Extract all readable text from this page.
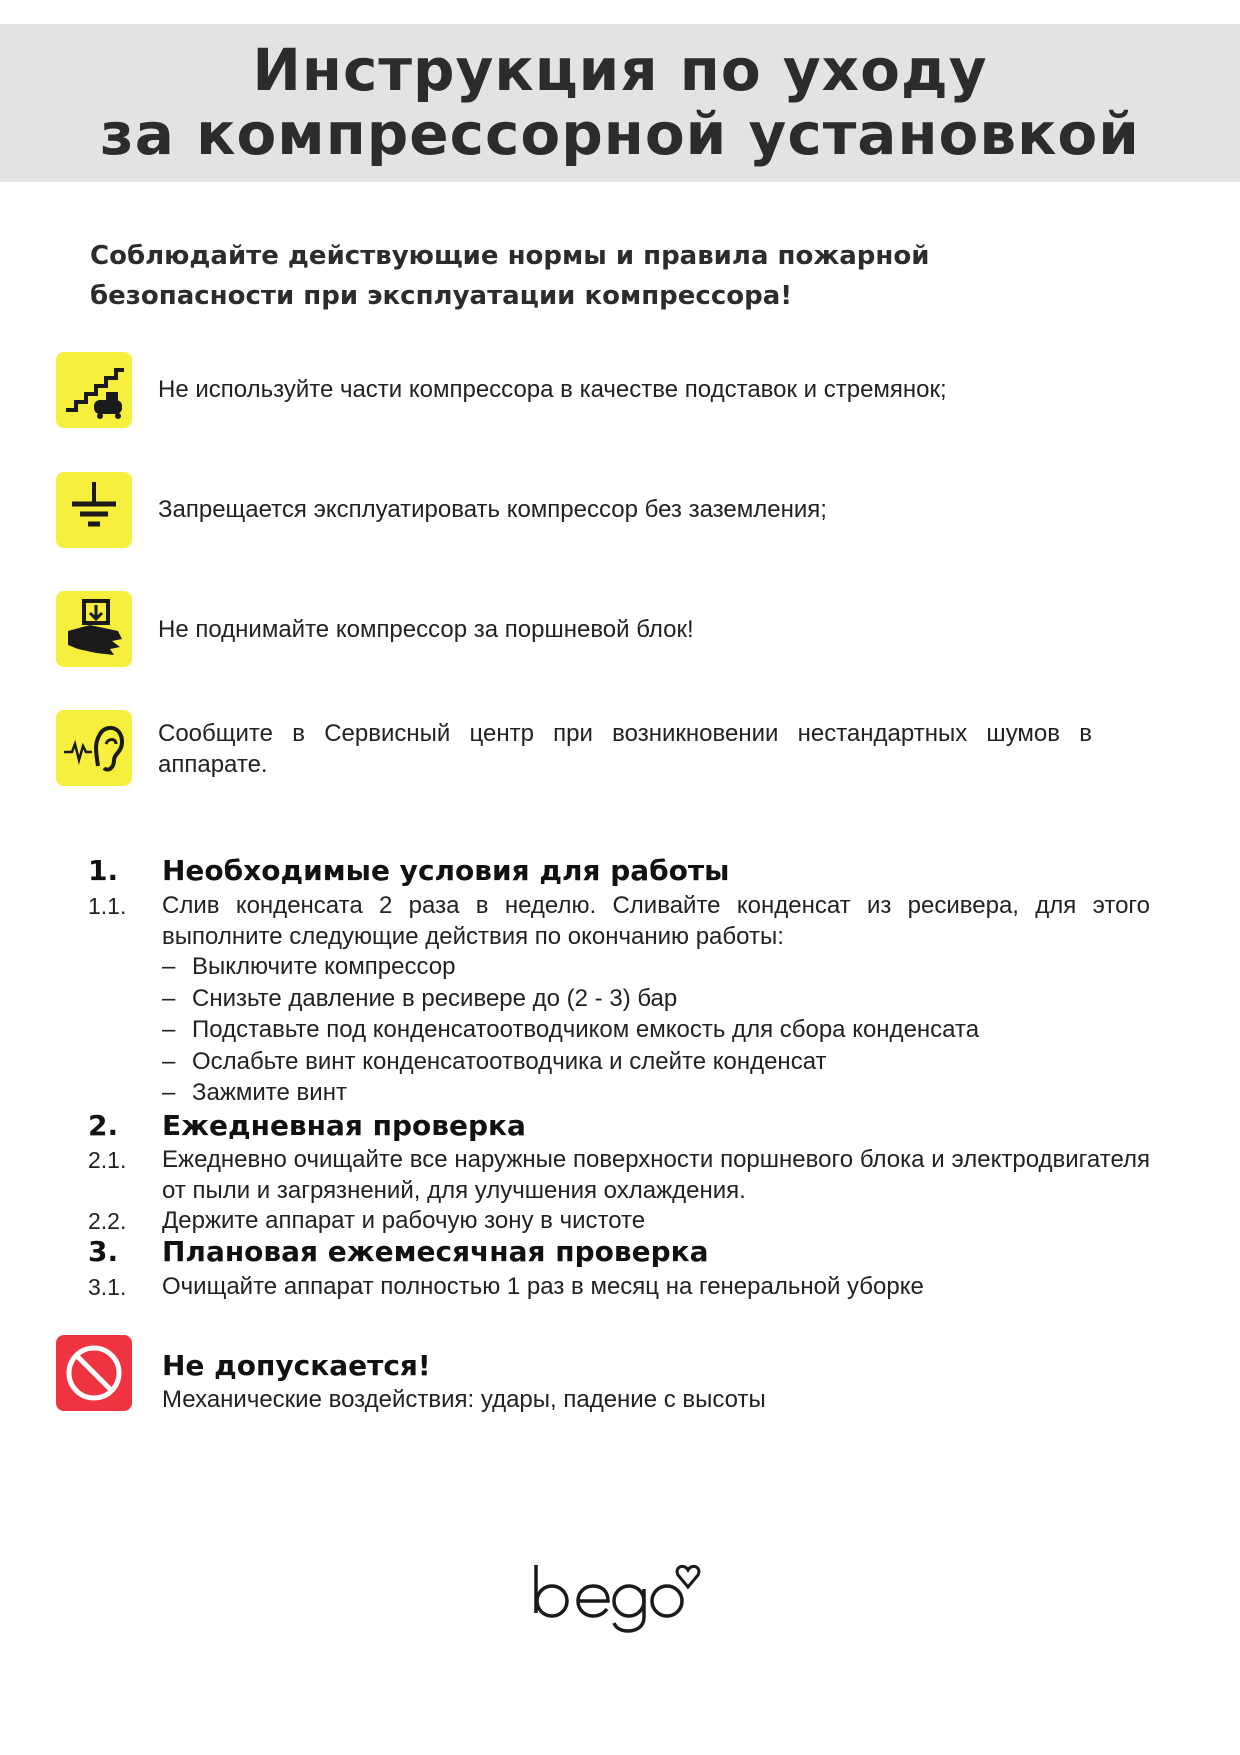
Инструкция по уходу
за компрессорной установкой
Соблюдайте действующие нормы и правила пожарной
безопасности при эксплуатации компрессора!
Не используйте части компрессора в качестве подставок и стремянок;
Запрещается эксплуатировать компрессор без заземления;
Не поднимайте компрессор за поршневой блок!
Сообщите в Сервисный центр при возникновении нестандартных шумов в аппарате.
1. Необходимые условия для работы
1.1. Слив конденсата 2 раза в неделю. Сливайте конденсат из ресивера, для этого выполните следующие действия по окончанию работы:
– Выключите компрессор
– Снизьте давление в ресивере до (2 - 3) бар
– Подставьте под конденсатоотводчиком емкость для сбора конденсата
– Ослабьте винт конденсатоотводчика и слейте конденсат
– Зажмите винт
2. Ежедневная проверка
2.1. Ежедневно очищайте все наружные поверхности поршневого блока и электродвигателя от пыли и загрязнений, для улучшения охлаждения.
2.2. Держите аппарат и рабочую зону в чистоте
3. Плановая ежемесячная проверка
3.1. Очищайте аппарат полностью 1 раз в месяц на генеральной уборке
Не допускается!
Механические воздействия: удары, падение с высоты
